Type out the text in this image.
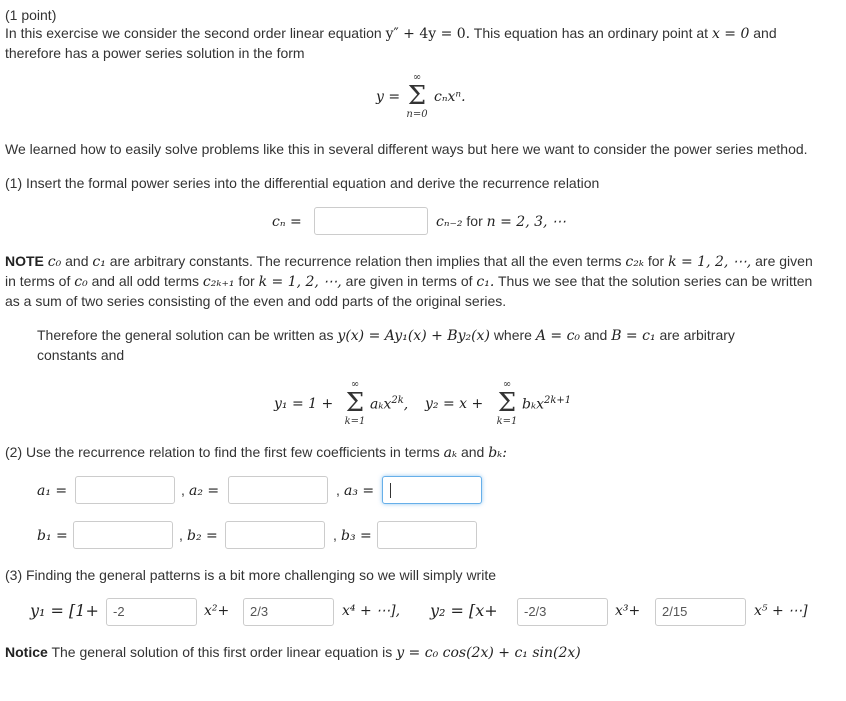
(1 point)
In this exercise we consider the second order linear equation y″ + 4y = 0. This equation has an ordinary point at x = 0 and
therefore has a power series solution in the form
y =
∞
Σ
n=0
cₙxⁿ.
We learned how to easily solve problems like this in several different ways but here we want to consider the power series method.
(1) Insert the formal power series into the differential equation and derive the recurrence relation
cₙ =	cₙ₋₂ for n = 2, 3, ⋯
NOTE c₀ and c₁ are arbitrary constants. The recurrence relation then implies that all the even terms c₂ₖ for k = 1, 2, ⋯, are given
in terms of c₀ and all odd terms c₂ₖ₊₁ for k = 1, 2, ⋯, are given in terms of c₁. Thus we see that the solution series can be written
as a sum of two series consisting of the even and odd parts of the original series.
Therefore the general solution can be written as y(x) = Ay₁(x) + By₂(x) where A = c₀ and B = c₁ are arbitrary
constants and
y₁ = 1 +
∞
Σ
k=1
aₖx$^{2k}$, y₂ = x +
∞
Σ
k=1
bₖx$^{2k+1}$
(2) Use the recurrence relation to find the first few coefficients in terms aₖ and bₖ:
a₁ =	, a₂ =	, a₃ =
b₁ =	, b₂ =	, b₃ =
(3) Finding the general patterns is a bit more challenging so we will simply write
y₁ = [1+	-2	x²+	2/3	x⁴ + ⋯], y₂ = [x+	-2/3	x³+	2/15	x⁵ + ⋯]
Notice The general solution of this first order linear equation is y = c₀ cos(2x) + c₁ sin(2x)
